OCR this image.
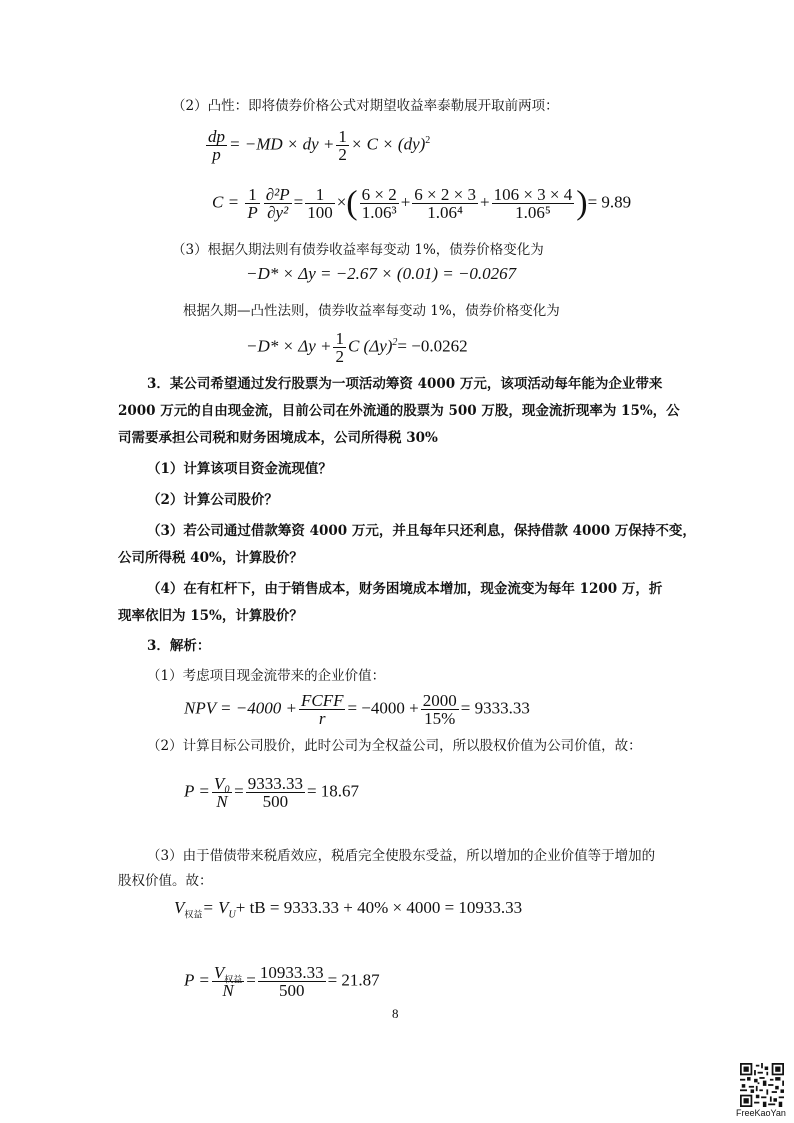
（2）凸性：即将债券价格公式对期望收益率泰勒展开取前两项：
$\frac{dp}{p} = -MD$ × dy + $\frac{1}{2} \times C \times (dy)^2$
$C = \frac{1}{P} \frac{\text{∂²P}}{\text{∂y²}} = \frac{1}{100}$ ×( $\frac{6 \times 2}{\text{1.06³}} + \frac{6 \times 2 \times 3}{\text{1.06⁴}} + \frac{106 \times 3 \times 4}{\text{1.06⁵}}$ )= 9.89
（3）根据久期法则有债券收益率每变动 1%，债券价格变化为
−D* × Δy = −2.67 × (0.01) = −0.0267
根据久期—凸性法则，债券收益率每变动 1%，债券价格变化为
$-D* \times \Delta y + \frac{1}{2}$ C $(\Delta y)^2= -0.0262$
3．某公司希望通过发行股票为一项活动筹资 4000 万元，该项活动每年能为企业带来
2000 万元的自由现金流，目前公司在外流通的股票为 500 万股，现金流折现率为 15%，公
司需要承担公司税和财务困境成本，公司所得税 30%
（1）计算该项目资金流现值？
（2）计算公司股价？
（3）若公司通过借款筹资 4000 万元，并且每年只还利息，保持借款 4000 万保持不变，
公司所得税 40%，计算股价？
（4）在有杠杆下，由于销售成本，财务困境成本增加，现金流变为每年 1200 万，折
现率依旧为 15%，计算股价？
3．解析：
（1）考虑项目现金流带来的企业价值：
NPV = $-4000 + \frac{\text{FCFF}}{r} = -4000 + \frac{2000}{15\%} = 9333.33$
（2）计算目标公司股价，此时公司为全权益公司，所以股权价值为公司价值，故：
$P = \frac{\text{V₀}}{N} = \frac{9333.33}{500} = 18.67$
（3）由于借债带来税盾效应，税盾完全使股东受益，所以增加的企业价值等于增加的
股权价值。故：
$V_{权益}= V_U+$ tB = 9333.33 + 40% × 4000 = 10933.33
$P = \frac{V_{权益}}{N} = \frac{10933.33}{500} = 21.87$
8
FreeKaoYan
